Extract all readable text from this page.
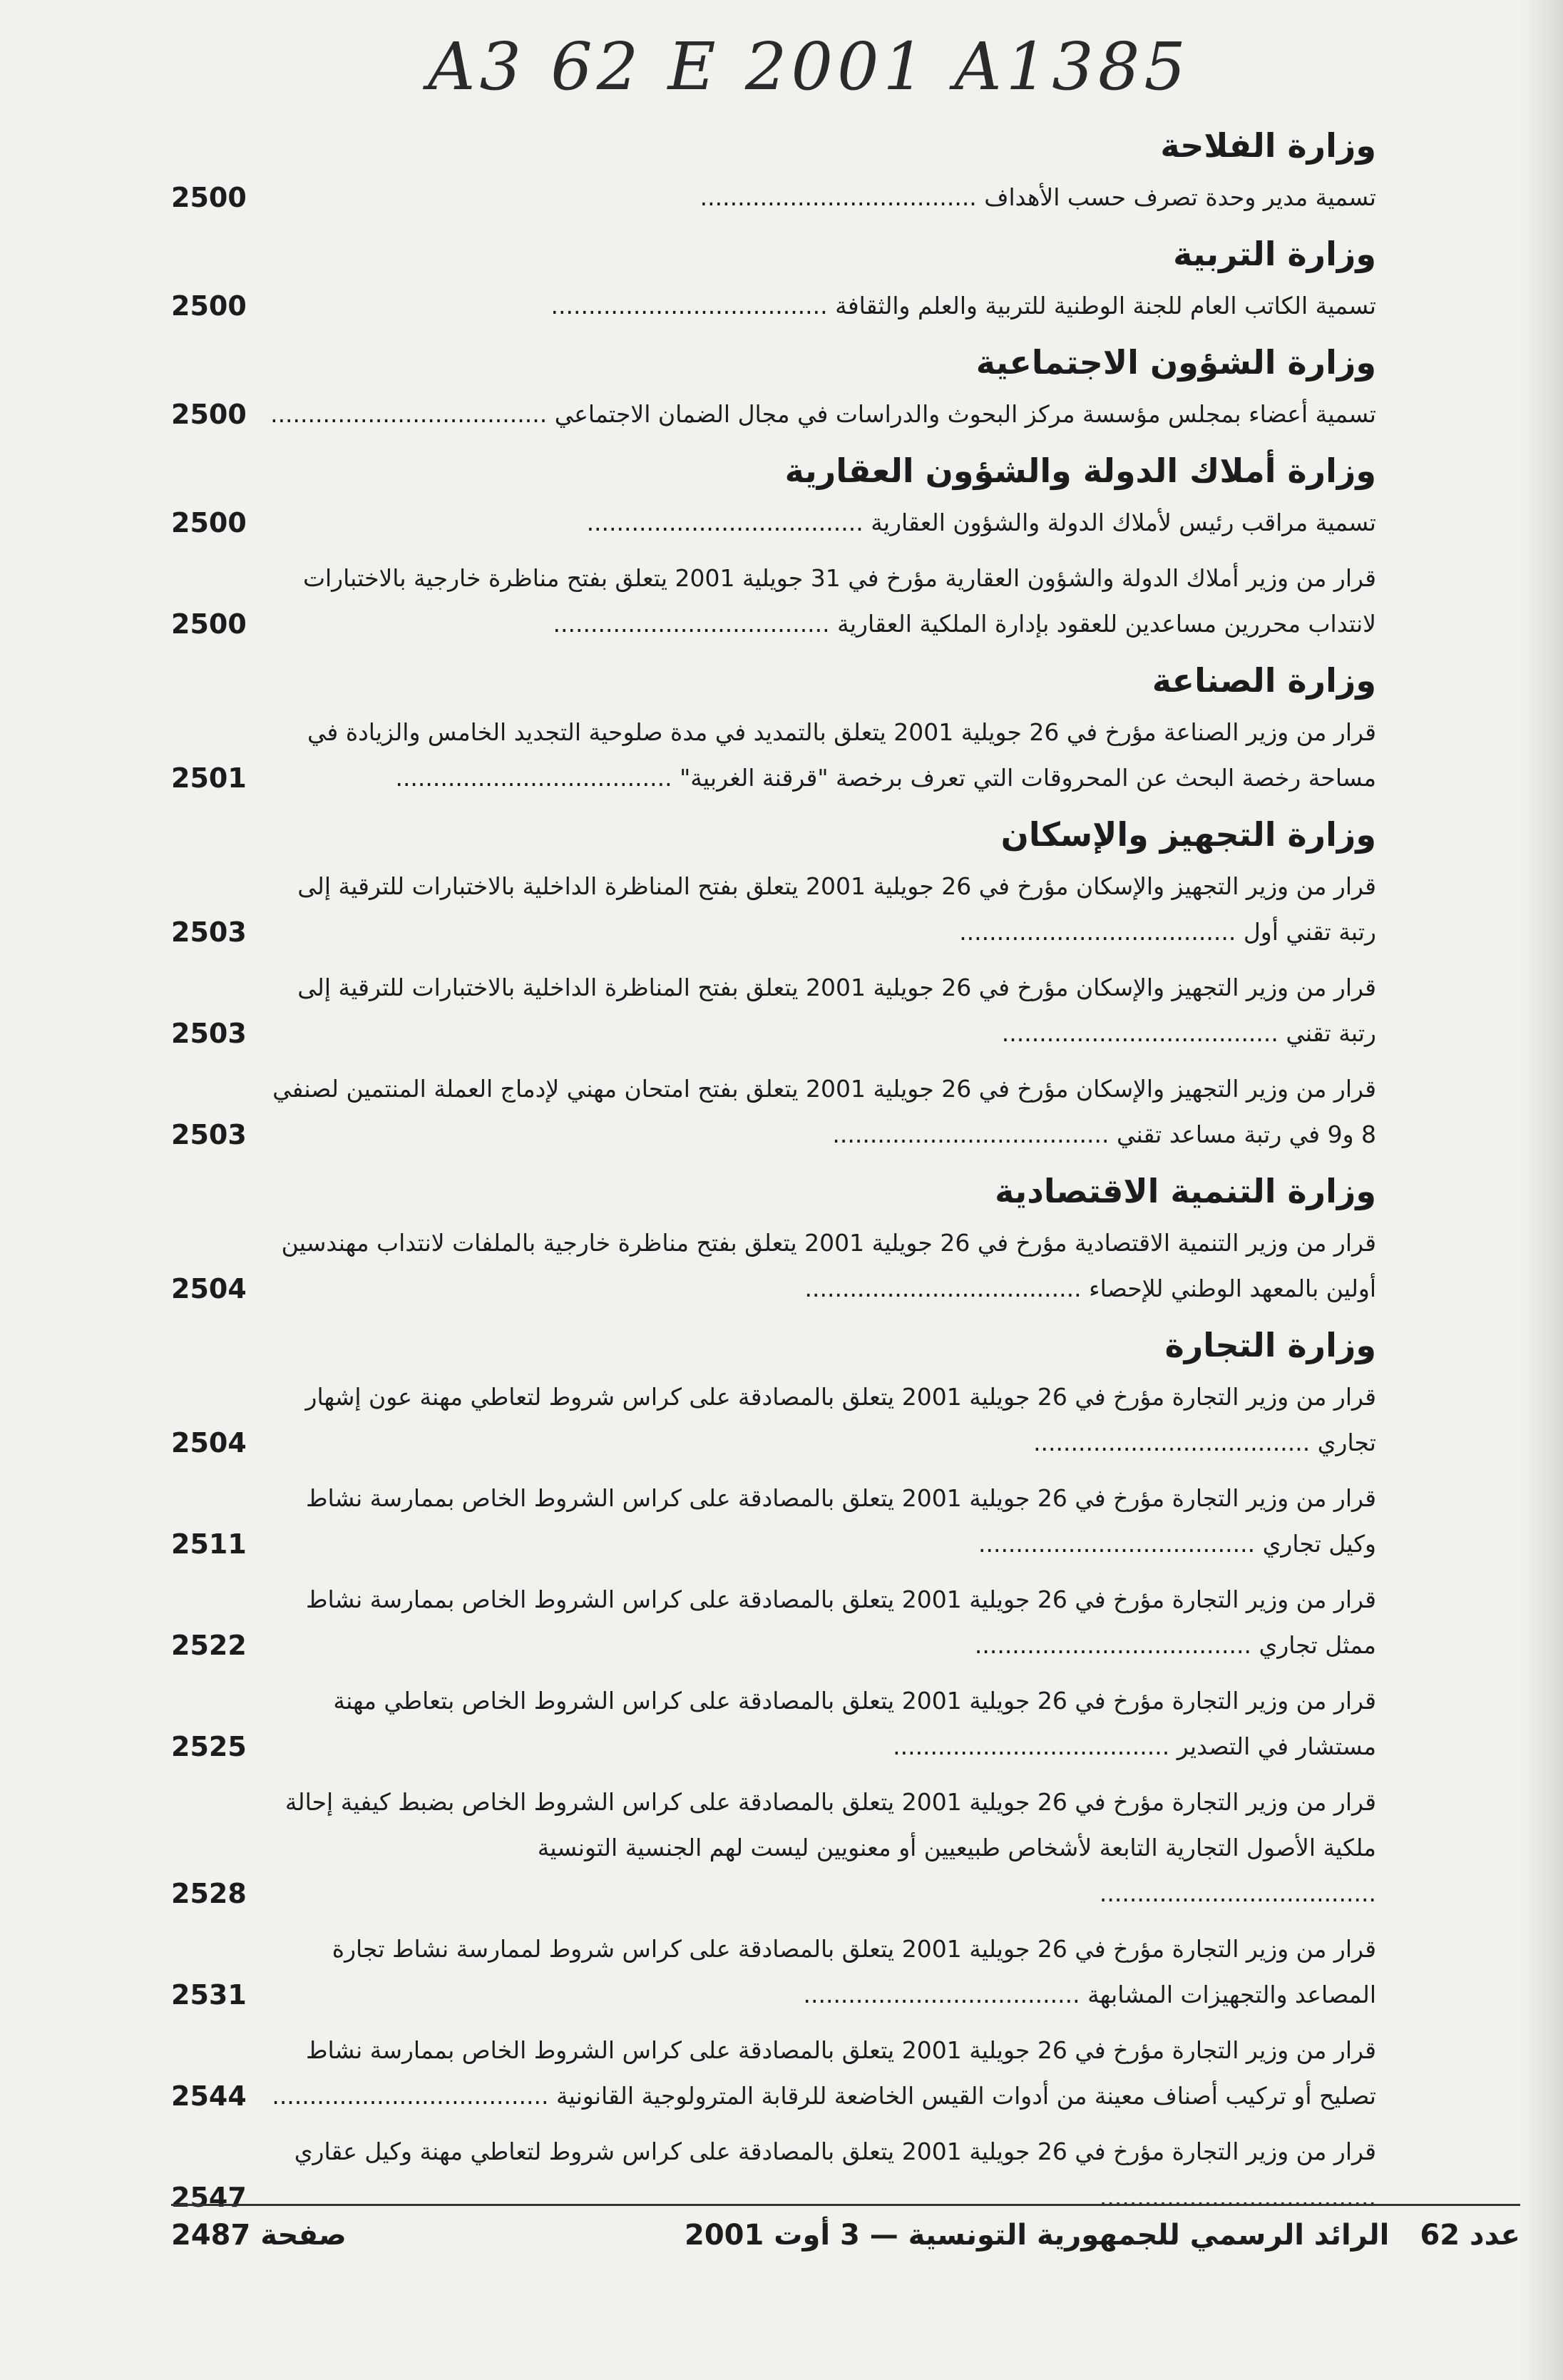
A3 62 E 2001 A1385
وزارة الفلاحة
تسمية مدير وحدة تصرف حسب الأهداف .....
2500
وزارة التربية
تسمية الكاتب العام للجنة الوطنية للتربية والعلم والثقافة .....
2500
وزارة الشؤون الاجتماعية
تسمية أعضاء بمجلس مؤسسة مركز البحوث والدراسات في مجال الضمان الاجتماعي .....
2500
وزارة أملاك الدولة والشؤون العقارية
تسمية مراقب رئيس لأملاك الدولة والشؤون العقارية .....
2500
قرار من وزير أملاك الدولة والشؤون العقارية مؤرخ في 31 جويلية 2001 يتعلق بفتح مناظرة خارجية بالاختبارات لانتداب محررين مساعدين للعقود بإدارة الملكية العقارية .....
2500
وزارة الصناعة
قرار من وزير الصناعة مؤرخ في 26 جويلية 2001 يتعلق بالتمديد في مدة صلوحية التجديد الخامس والزيادة في مساحة رخصة البحث عن المحروقات التي تعرف برخصة "قرقنة الغربية" .....
2501
وزارة التجهيز والإسكان
قرار من وزير التجهيز والإسكان مؤرخ في 26 جويلية 2001 يتعلق بفتح المناظرة الداخلية بالاختبارات للترقية إلى رتبة تقني أول .....
2503
قرار من وزير التجهيز والإسكان مؤرخ في 26 جويلية 2001 يتعلق بفتح المناظرة الداخلية بالاختبارات للترقية إلى رتبة تقني .....
2503
قرار من وزير التجهيز والإسكان مؤرخ في 26 جويلية 2001 يتعلق بفتح امتحان مهني لإدماج العملة المنتمين لصنفي 8 و9 في رتبة مساعد تقني .....
2503
وزارة التنمية الاقتصادية
قرار من وزير التنمية الاقتصادية مؤرخ في 26 جويلية 2001 يتعلق بفتح مناظرة خارجية بالملفات لانتداب مهندسين أولين بالمعهد الوطني للإحصاء .....
2504
وزارة التجارة
قرار من وزير التجارة مؤرخ في 26 جويلية 2001 يتعلق بالمصادقة على كراس شروط لتعاطي مهنة عون إشهار تجاري .....
2504
قرار من وزير التجارة مؤرخ في 26 جويلية 2001 يتعلق بالمصادقة على كراس الشروط الخاص بممارسة نشاط وكيل تجاري .....
2511
قرار من وزير التجارة مؤرخ في 26 جويلية 2001 يتعلق بالمصادقة على كراس الشروط الخاص بممارسة نشاط ممثل تجاري .....
2522
قرار من وزير التجارة مؤرخ في 26 جويلية 2001 يتعلق بالمصادقة على كراس الشروط الخاص بتعاطي مهنة مستشار في التصدير .....
2525
قرار من وزير التجارة مؤرخ في 26 جويلية 2001 يتعلق بالمصادقة على كراس الشروط الخاص بضبط كيفية إحالة ملكية الأصول التجارية التابعة لأشخاص طبيعيين أو معنويين ليست لهم الجنسية التونسية .....
2528
قرار من وزير التجارة مؤرخ في 26 جويلية 2001 يتعلق بالمصادقة على كراس شروط لممارسة نشاط تجارة المصاعد والتجهيزات المشابهة .....
2531
قرار من وزير التجارة مؤرخ في 26 جويلية 2001 يتعلق بالمصادقة على كراس الشروط الخاص بممارسة نشاط تصليح أو تركيب أصناف معينة من أدوات القيس الخاضعة للرقابة المترولوجية القانونية .....
2544
قرار من وزير التجارة مؤرخ في 26 جويلية 2001 يتعلق بالمصادقة على كراس شروط لتعاطي مهنة وكيل عقاري .....
2547
صفحة 2487	الرائد الرسمي للجمهورية التونسية — 3 أوت 2001 عدد 62
